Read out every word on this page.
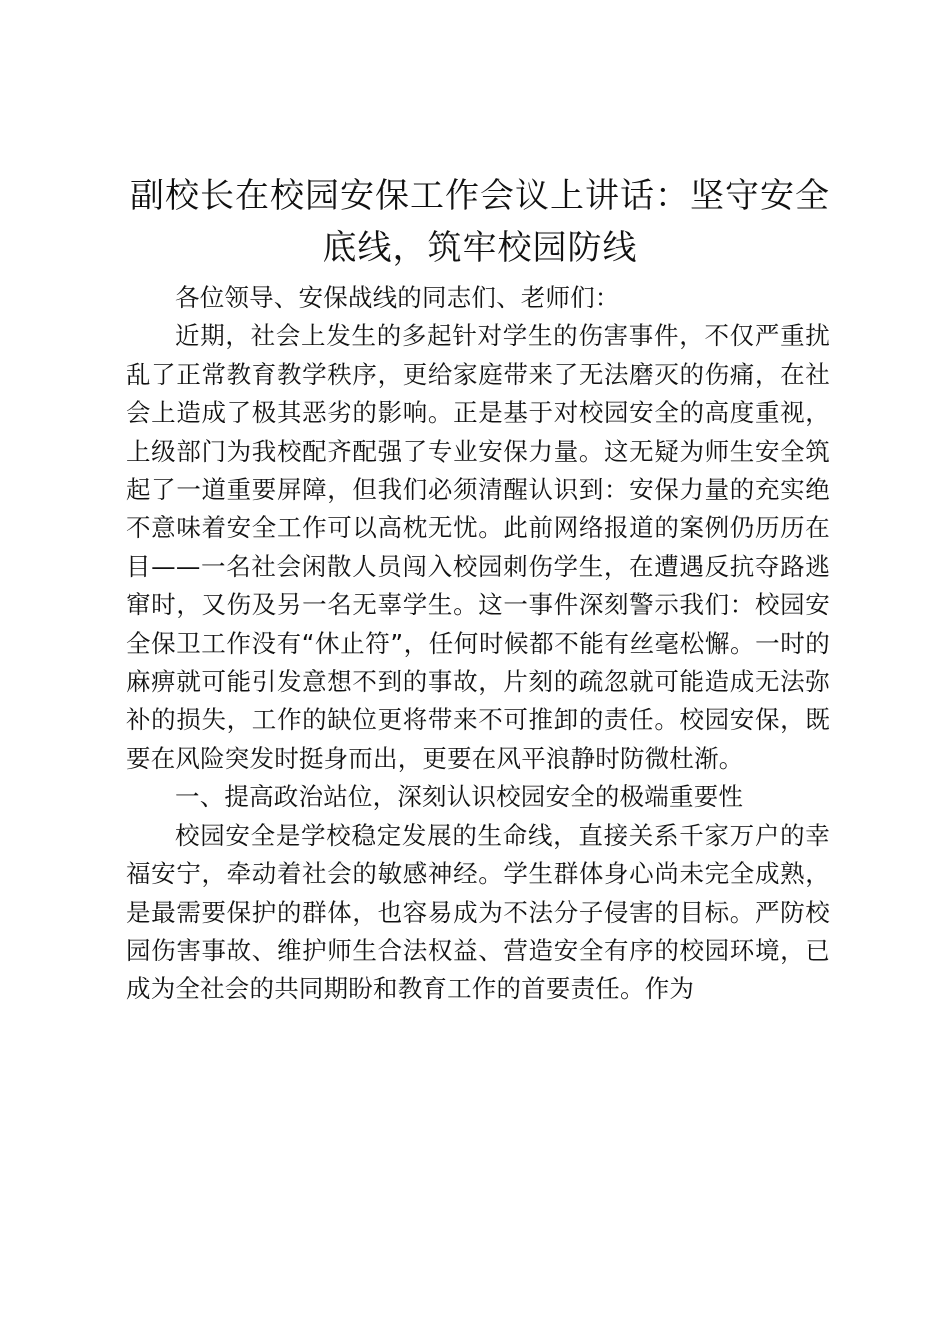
副校长在校园安保工作会议上讲话：坚守安全底线，筑牢校园防线

各位领导、安保战线的同志们、老师们：

近期，社会上发生的多起针对学生的伤害事件，不仅严重扰乱了正常教育教学秩序，更给家庭带来了无法磨灭的伤痛，在社会上造成了极其恶劣的影响。正是基于对校园安全的高度重视，上级部门为我校配齐配强了专业安保力量。这无疑为师生安全筑起了一道重要屏障，但我们必须清醒认识到：安保力量的充实绝不意味着安全工作可以高枕无忧。此前网络报道的案例仍历历在目——一名社会闲散人员闯入校园刺伤学生，在遭遇反抗夺路逃窜时，又伤及另一名无辜学生。这一事件深刻警示我们：校园安全保卫工作没有“休止符”，任何时候都不能有丝毫松懈。一时的麻痹就可能引发意想不到的事故，片刻的疏忽就可能造成无法弥补的损失，工作的缺位更将带来不可推卸的责任。校园安保，既要在风险突发时挺身而出，更要在风平浪静时防微杜渐。

一、提高政治站位，深刻认识校园安全的极端重要性

校园安全是学校稳定发展的生命线，直接关系千家万户的幸福安宁，牵动着社会的敏感神经。学生群体身心尚未完全成熟，是最需要保护的群体，也容易成为不法分子侵害的目标。严防校园伤害事故、维护师生合法权益、营造安全有序的校园环境，已成为全社会的共同期盼和教育工作的首要责任。作为
